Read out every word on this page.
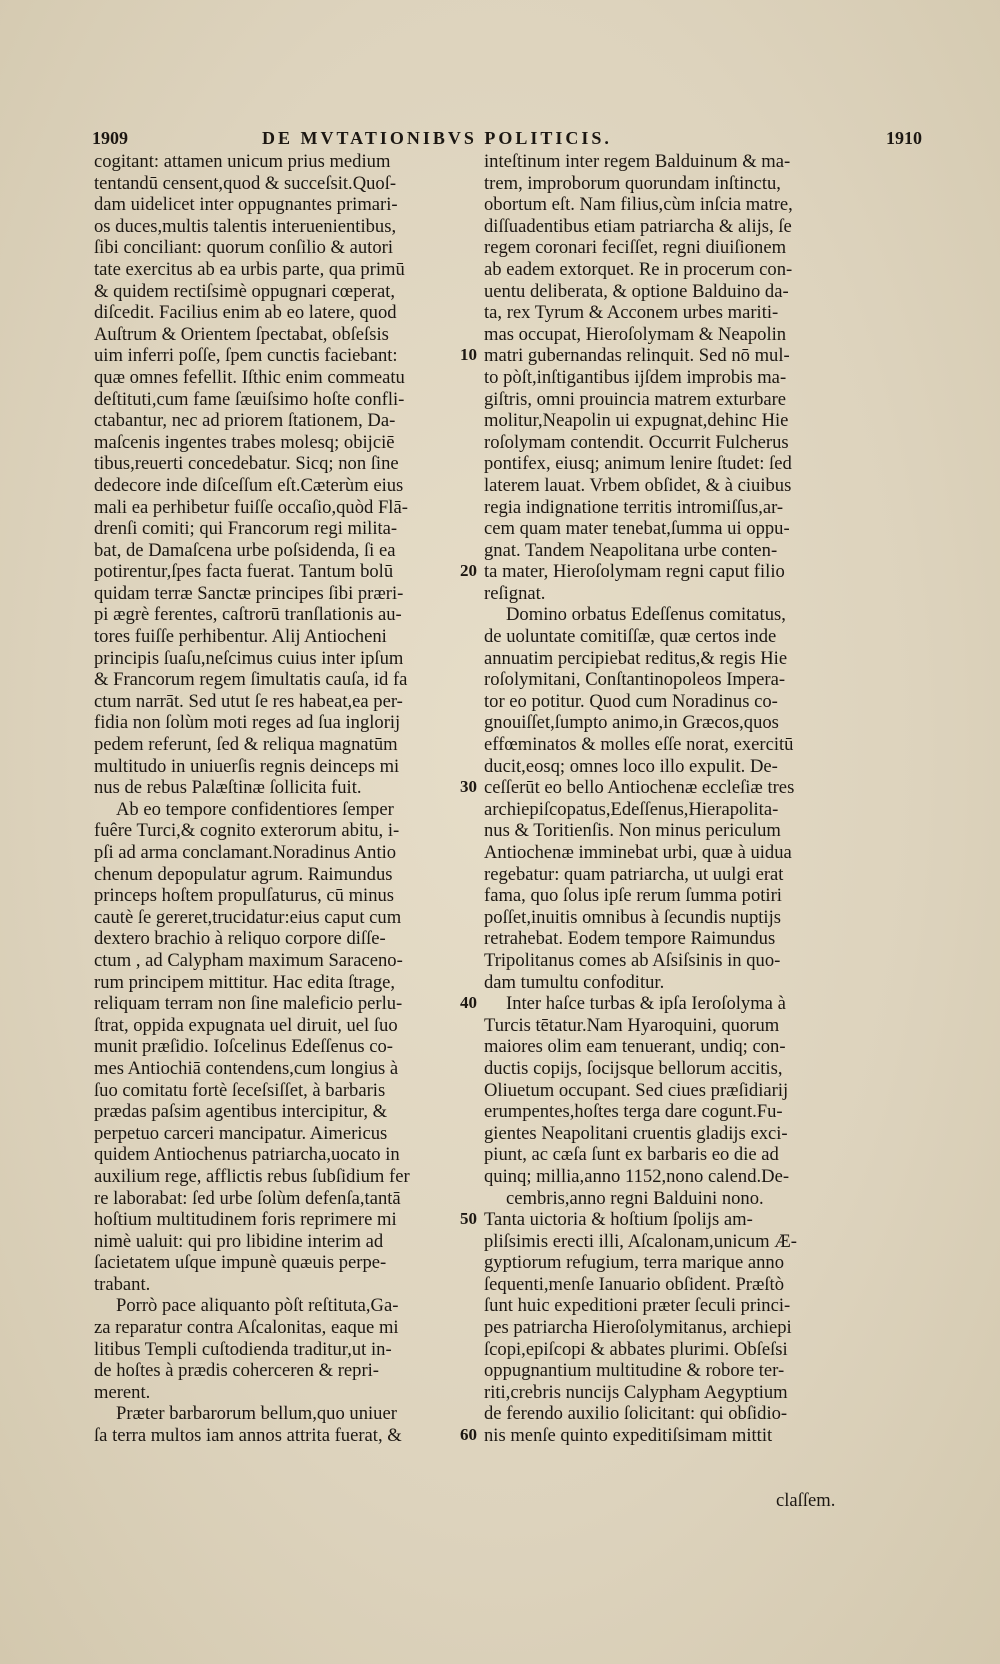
1909	DE MVTATIONIBVS POLITICIS.	1910
cogitant: attamen unicum prius medium
tentandū censent,quod & succeſsit.Quoſ-
dam uidelicet inter oppugnantes primari-
os duces,multis talentis interuenientibus,
ſibi conciliant: quorum conſilio & autori
tate exercitus ab ea urbis parte, qua primū
& quidem rectiſsimè oppugnari cœperat,
diſcedit. Facilius enim ab eo latere, quod
Auſtrum & Orientem ſpectabat, obſeſsis
uim inferri poſſe, ſpem cunctis faciebant:
quæ omnes fefellit. Iſthic enim commeatu
deſtituti,cum fame ſæuiſsimo hoſte confli-
ctabantur, nec ad priorem ſtationem, Da-
maſcenis ingentes trabes molesq; obijciē
tibus,reuerti concedebatur. Sicq; non ſine
dedecore inde diſceſſum eſt.Cæterùm eius
mali ea perhibetur fuiſſe occaſio,quòd Flā-
drenſi comiti; qui Francorum regi milita-
bat, de Damaſcena urbe poſsidenda, ſi ea
potirentur,ſpes facta fuerat. Tantum bolū
quidam terræ Sanctæ principes ſibi præri-
pi ægrè ferentes, caſtrorū tranſlationis au-
tores fuiſſe perhibentur. Alij Antiocheni
principis ſuaſu,neſcimus cuius inter ipſum
& Francorum regem ſimultatis cauſa, id fa
ctum narrāt. Sed utut ſe res habeat,ea per-
fidia non ſolùm moti reges ad ſua inglorij
pedem referunt, ſed & reliqua magnatūm
multitudo in uniuerſis regnis deinceps mi
nus de rebus Palæſtinæ ſollicita fuit.
Ab eo tempore confidentiores ſemper
fuêre Turci,& cognito exterorum abitu, i-
pſi ad arma conclamant.Noradinus Antio
chenum depopulatur agrum. Raimundus
princeps hoſtem propulſaturus, cū minus
cautè ſe gereret,trucidatur:eius caput cum
dextero brachio à reliquo corpore diſſe-
ctum , ad Calypham maximum Saraceno-
rum principem mittitur. Hac edita ſtrage,
reliquam terram non ſine maleficio perlu-
ſtrat, oppida expugnata uel diruit, uel ſuo
munit præſidio. Ioſcelinus Edeſſenus co-
mes Antiochiā contendens,cum longius à
ſuo comitatu fortè ſeceſsiſſet, à barbaris
prædas paſsim agentibus intercipitur, &
perpetuo carceri mancipatur. Aimericus
quidem Antiochenus patriarcha,uocato in
auxilium rege, afflictis rebus ſubſidium fer
re laborabat: ſed urbe ſolùm defenſa,tantā
hoſtium multitudinem foris reprimere mi
nimè ualuit: qui pro libidine interim ad
ſacietatem uſque impunè quæuis perpe-
trabant.
Porrò pace aliquanto pòſt reſtituta,Ga-
za reparatur contra Aſcalonitas, eaque mi
litibus Templi cuſtodienda traditur,ut in-
de hoſtes à prædis coherceren & repri-
merent.
Præter barbarorum bellum,quo uniuer
ſa terra multos iam annos attrita fuerat, &
inteſtinum inter regem Balduinum & ma-
trem, improborum quorundam inſtinctu,
obortum eſt. Nam filius,cùm inſcia matre,
diſſuadentibus etiam patriarcha & alijs, ſe
regem coronari feciſſet, regni diuiſionem
ab eadem extorquet. Re in procerum con-
uentu deliberata, & optione Balduino da-
ta, rex Tyrum & Acconem urbes mariti-
mas occupat, Hieroſolymam & Neapolin
matri gubernandas relinquit. Sed nō mul-
to pòſt,inſtigantibus ijſdem improbis ma-
giſtris, omni prouincia matrem exturbare
molitur,Neapolin ui expugnat,dehinc Hie
roſolymam contendit. Occurrit Fulcherus
pontifex, eiusq; animum lenire ſtudet: ſed
laterem lauat. Vrbem obſidet, & à ciuibus
regia indignatione territis intromiſſus,ar-
cem quam mater tenebat,ſumma ui oppu-
gnat. Tandem Neapolitana urbe conten-
ta mater, Hieroſolymam regni caput filio
reſignat.
Domino orbatus Edeſſenus comitatus,
de uoluntate comitiſſæ, quæ certos inde
annuatim percipiebat reditus,& regis Hie
roſolymitani, Conſtantinopoleos Impera-
tor eo potitur. Quod cum Noradinus co-
gnouiſſet,ſumpto animo,in Græcos,quos
effœminatos & molles eſſe norat, exercitū
ducit,eosq; omnes loco illo expulit. De-
ceſſerūt eo bello Antiochenæ eccleſiæ tres
archiepiſcopatus,Edeſſenus,Hierapolita-
nus & Toritienſis. Non minus periculum
Antiochenæ imminebat urbi, quæ à uidua
regebatur: quam patriarcha, ut uulgi erat
fama, quo ſolus ipſe rerum ſumma potiri
poſſet,inuitis omnibus à ſecundis nuptijs
retrahebat. Eodem tempore Raimundus
Tripolitanus comes ab Aſsiſsinis in quo-
dam tumultu confoditur.
Inter haſce turbas & ipſa Ieroſolyma à
Turcis tētatur.Nam Hyaroquini, quorum
maiores olim eam tenuerant, undiq; con-
ductis copijs, ſocijsque bellorum accitis,
Oliuetum occupant. Sed ciues præſidiarij
erumpentes,hoſtes terga dare cogunt.Fu-
gientes Neapolitani cruentis gladijs exci-
piunt, ac cæſa ſunt ex barbaris eo die ad
quinq; millia,anno 1152,nono calend.De-
cembris,anno regni Balduini nono.
Tanta uictoria & hoſtium ſpolijs am-
pliſsimis erecti illi, Aſcalonam,unicum Æ-
gyptiorum refugium, terra marique anno
ſequenti,menſe Ianuario obſident. Præſtò
ſunt huic expeditioni præter ſeculi princi-
pes patriarcha Hieroſolymitanus, archiepi
ſcopi,epiſcopi & abbates plurimi. Obſeſsi
oppugnantium multitudine & robore ter-
riti,crebris nuncijs Calypham Aegyptium
de ferendo auxilio ſolicitant: qui obſidio-
nis menſe quinto expeditiſsimam mittit
10
20
30
40
50
60
claſſem.
